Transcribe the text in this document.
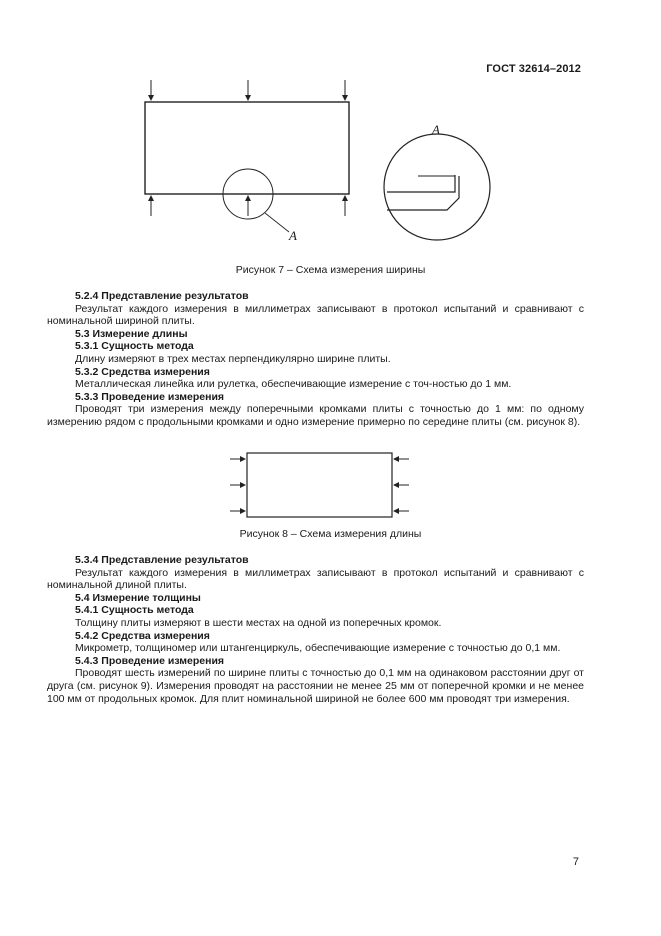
ГОСТ 32614–2012
А
А
Рисунок 7 – Схема измерения ширины

5.2.4 Представление результатов

Результат каждого измерения в миллиметрах записывают в протокол испытаний и сравнивают с номинальной шириной плиты.

5.3 Измерение длины

5.3.1 Сущность метода

Длину измеряют в трех местах перпендикулярно ширине плиты.

5.3.2 Средства измерения

Металлическая линейка или рулетка, обеспечивающие измерение с точ-ностью до 1 мм.

5.3.3 Проведение измерения

Проводят три измерения между поперечными кромками плиты с точностью до 1 мм: по одному измерению рядом с продольными кромками и одно измерение примерно по середине плиты (см. рисунок 8).

Рисунок 8 – Схема измерения длины

5.3.4 Представление результатов

Результат каждого измерения в миллиметрах записывают в протокол испытаний и сравнивают с номинальной длиной плиты.

5.4 Измерение толщины

5.4.1 Сущность метода

Толщину плиты измеряют в шести местах на одной из поперечных кромок.

5.4.2 Средства измерения

Микрометр, толщиномер или штангенциркуль, обеспечивающие измерение с точностью до 0,1 мм.

5.4.3 Проведение измерения

Проводят шесть измерений по ширине плиты с точностью до 0,1 мм на одинаковом расстоянии друг от друга (см. рисунок 9). Измерения проводят на расстоянии не менее 25 мм от поперечной кромки и не менее 100 мм от продольных кромок. Для плит номинальной шириной не более 600 мм проводят три измерения.

7
